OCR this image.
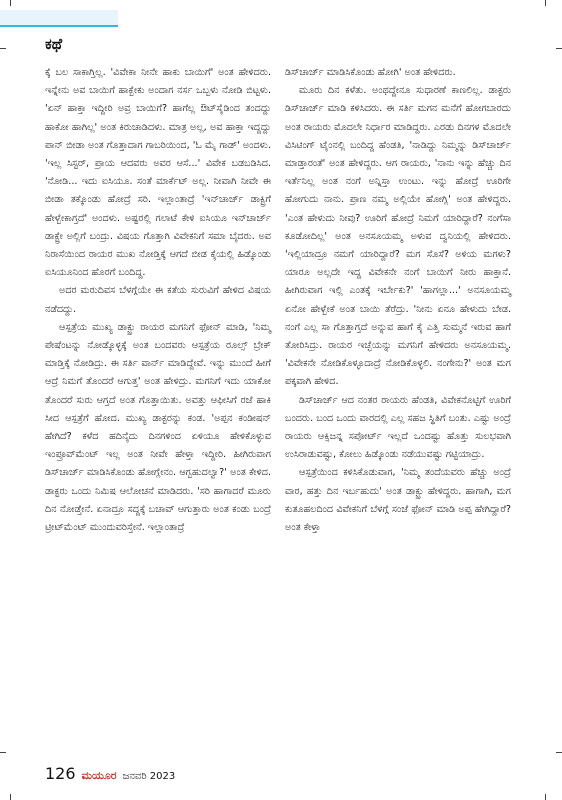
ಕಥೆ

ಕ್ಕೆ ಬಲ ಸಾಕಾಗ್ತಿಲ್ಲ. 'ವಿವೇಕಾ ನೀನೇ ಹಾಕು ಬಾಯಿಗೆ' ಅಂತ ಹೇಳಿದರು. ಇನ್ನೇನು ಅವ ಬಾಯಿಗೆ ಹಾಕ್ಬೇಕು ಅಂದಾಗ ನರ್ಸ ಒಬ್ಬಳು ನೋಡಿ ಬಿಟ್ಟಳು. 'ಏನ್ ಹಾಕ್ತಾ ಇದ್ದೀರಿ ಅವ್ರ ಬಾಯಿಗೆ? ಹಾಗೆಲ್ಲ ಔಟ್‌ಸೈಡಿಂದ ತಂದದ್ದು ಹಾಕೋ ಹಾಗಿಲ್ಲ' ಅಂತ ಕಿರುಚಾಡಿದಳು. ಮಾತ್ರ ಅಲ್ಲ, ಅವ ಹಾಕ್ತಾ ಇದ್ದದ್ದು ಪಾನ್ ಬೀಡಾ ಅಂತ ಗೊತ್ತಾದಾಗ ಗಾಬರಿಯಿಂದ, 'ಓ ಮೈ ಗಾಡ್' ಅಂದಳು. 'ಇಲ್ಲ ಸಿಸ್ಟರ್, ಪ್ರಾಯ ಆದವರು ಅವರ ಆಸೆ...' ವಿವೇಕ ಬಡಬಡಿಸಿದ. 'ನೋಡಿ... ಇದು ಐಸಿಯೂ. ಸಂತೆ ಮಾರ್ಕೆಟ್ ಅಲ್ಲ. ನೀವಾಗಿ ನೀವೇ ಈ ಬೀಡಾ ತಕ್ಕೊಂಡು ಹೋದ್ರೆ ಸರಿ. ಇಲ್ಲಾಂತಾದ್ರೆ 'ಇನ್‌ಚಾರ್ಜ್ ಡಾಕ್ಟ್ರಿಗೆ ಹೇಳ್ಬೇಕಾಗ್ತದೆ' ಅಂದಳು. ಅಷ್ಟರಲ್ಲಿ ಗಲಾಟೆ ಕೇಳಿ ಐಸಿಯೂ ಇನ್‌ಚಾರ್ಜ್ ಡಾಕ್ಟ್ರೇ ಅಲ್ಲಿಗೆ ಬಂದ್ರು. ವಿಷಯ ಗೊತ್ತಾಗಿ ವಿವೇಕನಿಗೆ ಸಮಾ ಬೈದರು. ಅವ ನಿರಾಸೆಯಿಂದ ರಾಯರ ಮುಖ ನೋಡ್ತಿಕ್ಕೆ ಆಗದೆ ಬೀಡ ಕೈಯಲ್ಲಿ ಹಿಡ್ಕೊಂಡು ಐಸಿಯೂನಿಂದ ಹೊರಗೆ ಬಂದಿದ್ದ.

ಅದರ ಮರುದಿವಸ ಬೆಳಗ್ಗೆಯೇ ಈ ಕತೆಯ ಸುರುವಿಗೆ ಹೇಳಿದ ವಿಷಯ ನಡೆದದ್ದು.

ಆಸ್ಪತ್ರೆಯ ಮುಖ್ಯ ಡಾಕ್ಟ್ರು ರಾಯರ ಮಗನಿಗೆ ಫೋನ್ ಮಾಡಿ, 'ನಿಮ್ಮ ಪೇಷೆಂಟನ್ನು ನೋಡ್ಕೊಳ್ಳಕ್ಕೆ ಅಂತ ಬಂದವರು ಆಸ್ಪತ್ರೆಯ ರೂಲ್ಸ್ ಬ್ರೇಕ್ ಮಾಡ್ತಿಕ್ಕೆ ನೋಡಿದ್ರು. ಈ ಸರ್ತಿ ವಾರ್ನ್ ಮಾಡಿದ್ದೇವೆ. ಇನ್ನು ಮುಂದೆ ಹೀಗೆ ಆದ್ರೆ ನಿಮಗೆ ತೊಂದರೆ ಆಗುತ್ತ' ಅಂತ ಹೇಳಿದ್ರು. ಮಗನಿಗೆ ಇದು ಯಾಕೋ ತೊಂದರೆ ಸುರು ಆಗ್ತದೆ ಅಂತ ಗೊತ್ತಾಯಿತು. ಅವತ್ತು ಆಫೀಸಿಗೆ ರಜೆ ಹಾಕಿ ಸೀದ ಆಸ್ಪತ್ರೆಗೆ ಹೋದ. ಮುಖ್ಯ ಡಾಕ್ಟರನ್ನು ಕಂಡ. 'ಅಪ್ಪನ ಕಂಡೀಷನ್ ಹೇಗಿದೆ? ಕಳೆದ ಹದಿನೈದು ದಿನಗಳಿಂದ ಏಳಿಯೂ ಹೇಳಿಕೊಳ್ಳುವ ಇಂಪ್ರೂವ್‌ಮೆಂಟ್ ಇಲ್ಲ ಅಂತ ನೀವೇ ಹೇಳ್ತಾ ಇದ್ದೀರಿ. ಹೀಗಿರುವಾಗ ಡಿಸ್‌ಚಾರ್ಜ್ ಮಾಡಿಸಿಕೊಂಡು ಹೋಗ್ಲೇನಂ. ಆಗ್ಬಹುದಲ್ವಾ?' ಅಂತ ಕೇಳಿದ. ಡಾಕ್ಟರು ಒಂದು ನಿಮಿಷ ಆಲೋಚನೆ ಮಾಡಿದರು. 'ಸರಿ ಹಾಗಾದರೆ ಮೂರು ದಿನ ನೋಡ್ತೇನೆ. ಏನಾದ್ರೂ ಸದ್ದಕ್ಕೆ ಬಚಾವ್ ಆಗುತ್ತಾರು ಅಂತ ಕಂಡು ಬಂದ್ರೆ ಟ್ರೀಟ್‌ಮೆಂಟ್ ಮುಂದುವರಿಸ್ತೇನೆ. ಇಲ್ಲಾಂತಾದ್ರೆ

ಡಿಸ್‌ಚಾರ್ಜ್ ಮಾಡಿಸಿಕೊಂಡು ಹೋಗಿ' ಅಂತ ಹೇಳಿದರು.

ಮೂರು ದಿನ ಕಳೆತು. ಅಂಥದ್ದೇನೂ ಸುಧಾರಣೆ ಕಾಣಲಿಲ್ಲ. ಡಾಕ್ಟರು ಡಿಸ್‌ಚಾರ್ಜ್ ಮಾಡಿ ಕಳಿಸಿದರು. ಈ ಸರ್ತಿ ಮಗನ ಮನೆಗೆ ಹೋಗಬಾರದು ಅಂತ ರಾಯರು ಮೊದಲೇ ನಿರ್ಧಾರ ಮಾಡಿದ್ದರು. ಎರಡು ದಿನಗಳ ಮೊದಲೇ ವಿಸಿಟಿಂಗ್ ಟೈಂನಲ್ಲಿ ಬಂದಿದ್ದ ಹೆಂಡತಿ, 'ನಾಡಿದ್ದು ನಿಮ್ಮನ್ನು ಡಿಸ್‌ಚಾರ್ಜ್ ಮಾಡ್ತಾರಂತೆ' ಅಂತ ಹೇಳಿದ್ದರು. ಆಗ ರಾಯರು, 'ನಾನು ಇನ್ನು ಹೆಚ್ಚು ದಿನ ಇರ್ತೆನಿಲ್ಲ ಅಂತ ನಂಗೆ ಅನ್ನಿಸ್ತಾ ಉಂಟು. ಇನ್ನು ಹೋದ್ರೆ ಊರಿಗೇ ಹೋಗುದು ನಾನು. ಪ್ರಾಣ ನಮ್ಮ ಅಲ್ಲಿಯೇ ಹೋಗ್ಲಿ' ಅಂತ ಹೇಳಿದ್ದರು. 'ಎಂತ ಹೇಳುದು ನೀವು? ಊರಿಗೆ ಹೋದ್ರೆ ನಿಮಗೆ ಯಾರಿದ್ದಾರೆ? ನಂಗೆಸಾ ಕೂಡೋದಿಲ್ಲ' ಅಂತ ಅನಸೂಯಮ್ಮ ಅಳುವ ದ್ವನಿಯಲ್ಲಿ ಹೇಳಿದರು. 'ಇಲ್ಲಿಯಾದ್ರೂ ನಮಗೆ ಯಾರಿದ್ದಾರೆ? ಮಗ ಸೊಸೆ? ಅಳಿಯ ಮಗಳು? ಯಾರೂ ಅಲ್ಲದೇ ಇದ್ದ ವಿವೇಕನೇ ನಂಗೆ ಬಾಯಿಗೆ ನೀರು ಹಾಕ್ತಾನೆ. ಹೀಗಿರುವಾಗ ಇಲ್ಲಿ ಎಂತಕ್ಕೆ ಇರ್ಬೇಕು?' 'ಹಾಗಲ್ಲಾ...' ಅನಸೂಯಮ್ಮ ಏನೋ ಹೇಳ್ಬೇಕೆ ಅಂತ ಬಾಯಿ ತೆರೆದ್ರು. 'ನೀನು ಏನೂ ಹೇಳುದು ಬೇಡ. ನಂಗೆ ಎಲ್ಲ ಸಾ ಗೊತ್ತಾಗ್ತದೆ ಅನ್ನುವ ಹಾಗೆ ಕೈ ಎತ್ತಿ ಸುಮ್ಮನೆ ಇರುವ ಹಾಗೆ ತೋರಿಸಿದ್ರು. ರಾಯರ ಇಚ್ಛೆಯನ್ನು ಮಗನಿಗೆ ಹೇಳಿದರು ಅನಸೂಯಮ್ಮ. 'ವಿವೇಕನೇ ನೋಡಿಕೊಳ್ಳೂದಾದ್ರೆ ನೋಡಿಕೊಳ್ಳಲಿ. ನಂಗೇನು?' ಅಂತ ಮಗ ಪಕ್ಕವಾಗಿ ಹೇಳಿದ.

ಡಿಸ್‌ಚಾರ್ಜ್ ಆದ ನಂತರ ರಾಯರು ಹೆಂಡತಿ, ವಿವೇಕನೊಟ್ಟಿಗೆ ಊರಿಗೆ ಬಂದರು. ಬಂದ ಒಂದು ವಾರದಲ್ಲಿ ಎಲ್ಲ ಸಹಜ ಸ್ಥಿತಿಗೆ ಬಂತು. ಎಷ್ಟು ಅಂದ್ರೆ ರಾಯರು ಆಕ್ಸಿಜನ್ನ ಸಪೋರ್ಟ್ ಇಲ್ಲದೆ ಒಂದಷ್ಟು ಹೊತ್ತು ಸುಲಭವಾಗಿ ಉಸಿರಾಡುವಷ್ಟು, ಕೋಲು ಹಿಡ್ಕೊಂಡು ನಡೆಯುವಷ್ಟು ಗಟ್ಟಿಯಾದ್ರು.

ಆಸ್ಪತ್ರೆಯಿಂದ ಕಳಿಸಿಕೊಡುವಾಗ, 'ನಿಮ್ಮ ತಂದೆಯವರು ಹೆಚ್ಚು ಅಂದ್ರೆ ವಾರ, ಹತ್ತು ದಿನ ಇರ್ಬಹುದು' ಅಂತ ಡಾಕ್ಟ್ರು ಹೇಳಿದ್ದರು. ಹಾಗಾಗಿ, ಮಗ ಕುತೂಹಲದಿಂದ ವಿವೇಕನಿಗೆ ಬೆಳಗ್ಗೆ ಸಂಜೆ ಫೋನ್ ಮಾಡಿ ಅಪ್ಪ ಹೇಗಿದ್ದಾರೆ? ಅಂತ ಕೇಳ್ತಾ

126 ಮಯೂರ ಜನವರಿ 2023
